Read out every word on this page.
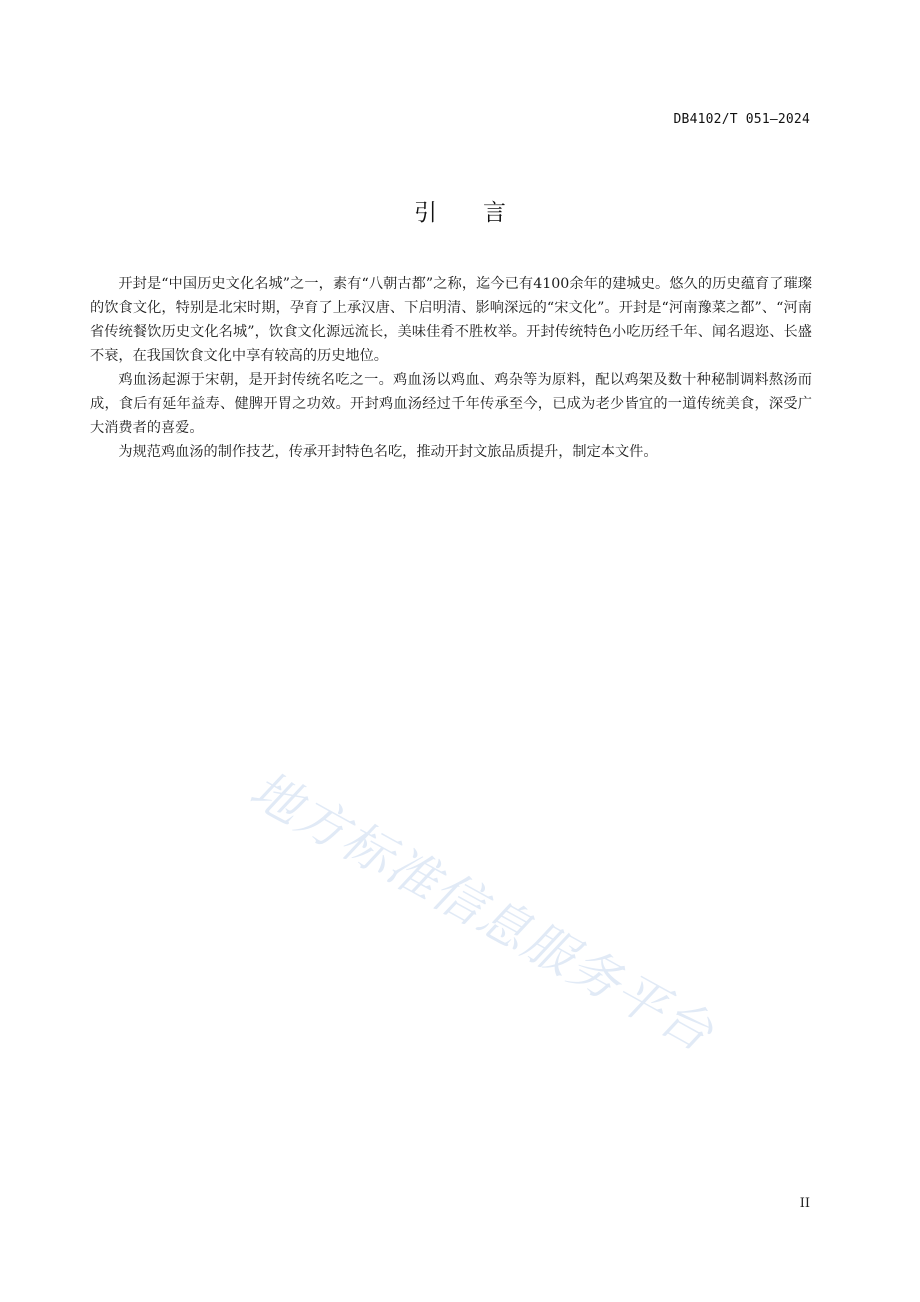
DB4102/T 051—2024
引言

开封是“中国历史文化名城”之一，素有“八朝古都”之称，迄今已有4100余年的建城史。悠久的历史蕴育了璀璨的饮食文化，特别是北宋时期，孕育了上承汉唐、下启明清、影响深远的“宋文化”。开封是“河南豫菜之都”、“河南省传统餐饮历史文化名城”，饮食文化源远流长，美味佳肴不胜枚举。开封传统特色小吃历经千年、闻名遐迩、长盛不衰，在我国饮食文化中享有较高的历史地位。

鸡血汤起源于宋朝，是开封传统名吃之一。鸡血汤以鸡血、鸡杂等为原料，配以鸡架及数十种秘制调料熬汤而成，食后有延年益寿、健脾开胃之功效。开封鸡血汤经过千年传承至今，已成为老少皆宜的一道传统美食，深受广大消费者的喜爱。

为规范鸡血汤的制作技艺，传承开封特色名吃，推动开封文旅品质提升，制定本文件。

地方标准信息服务平台
II
